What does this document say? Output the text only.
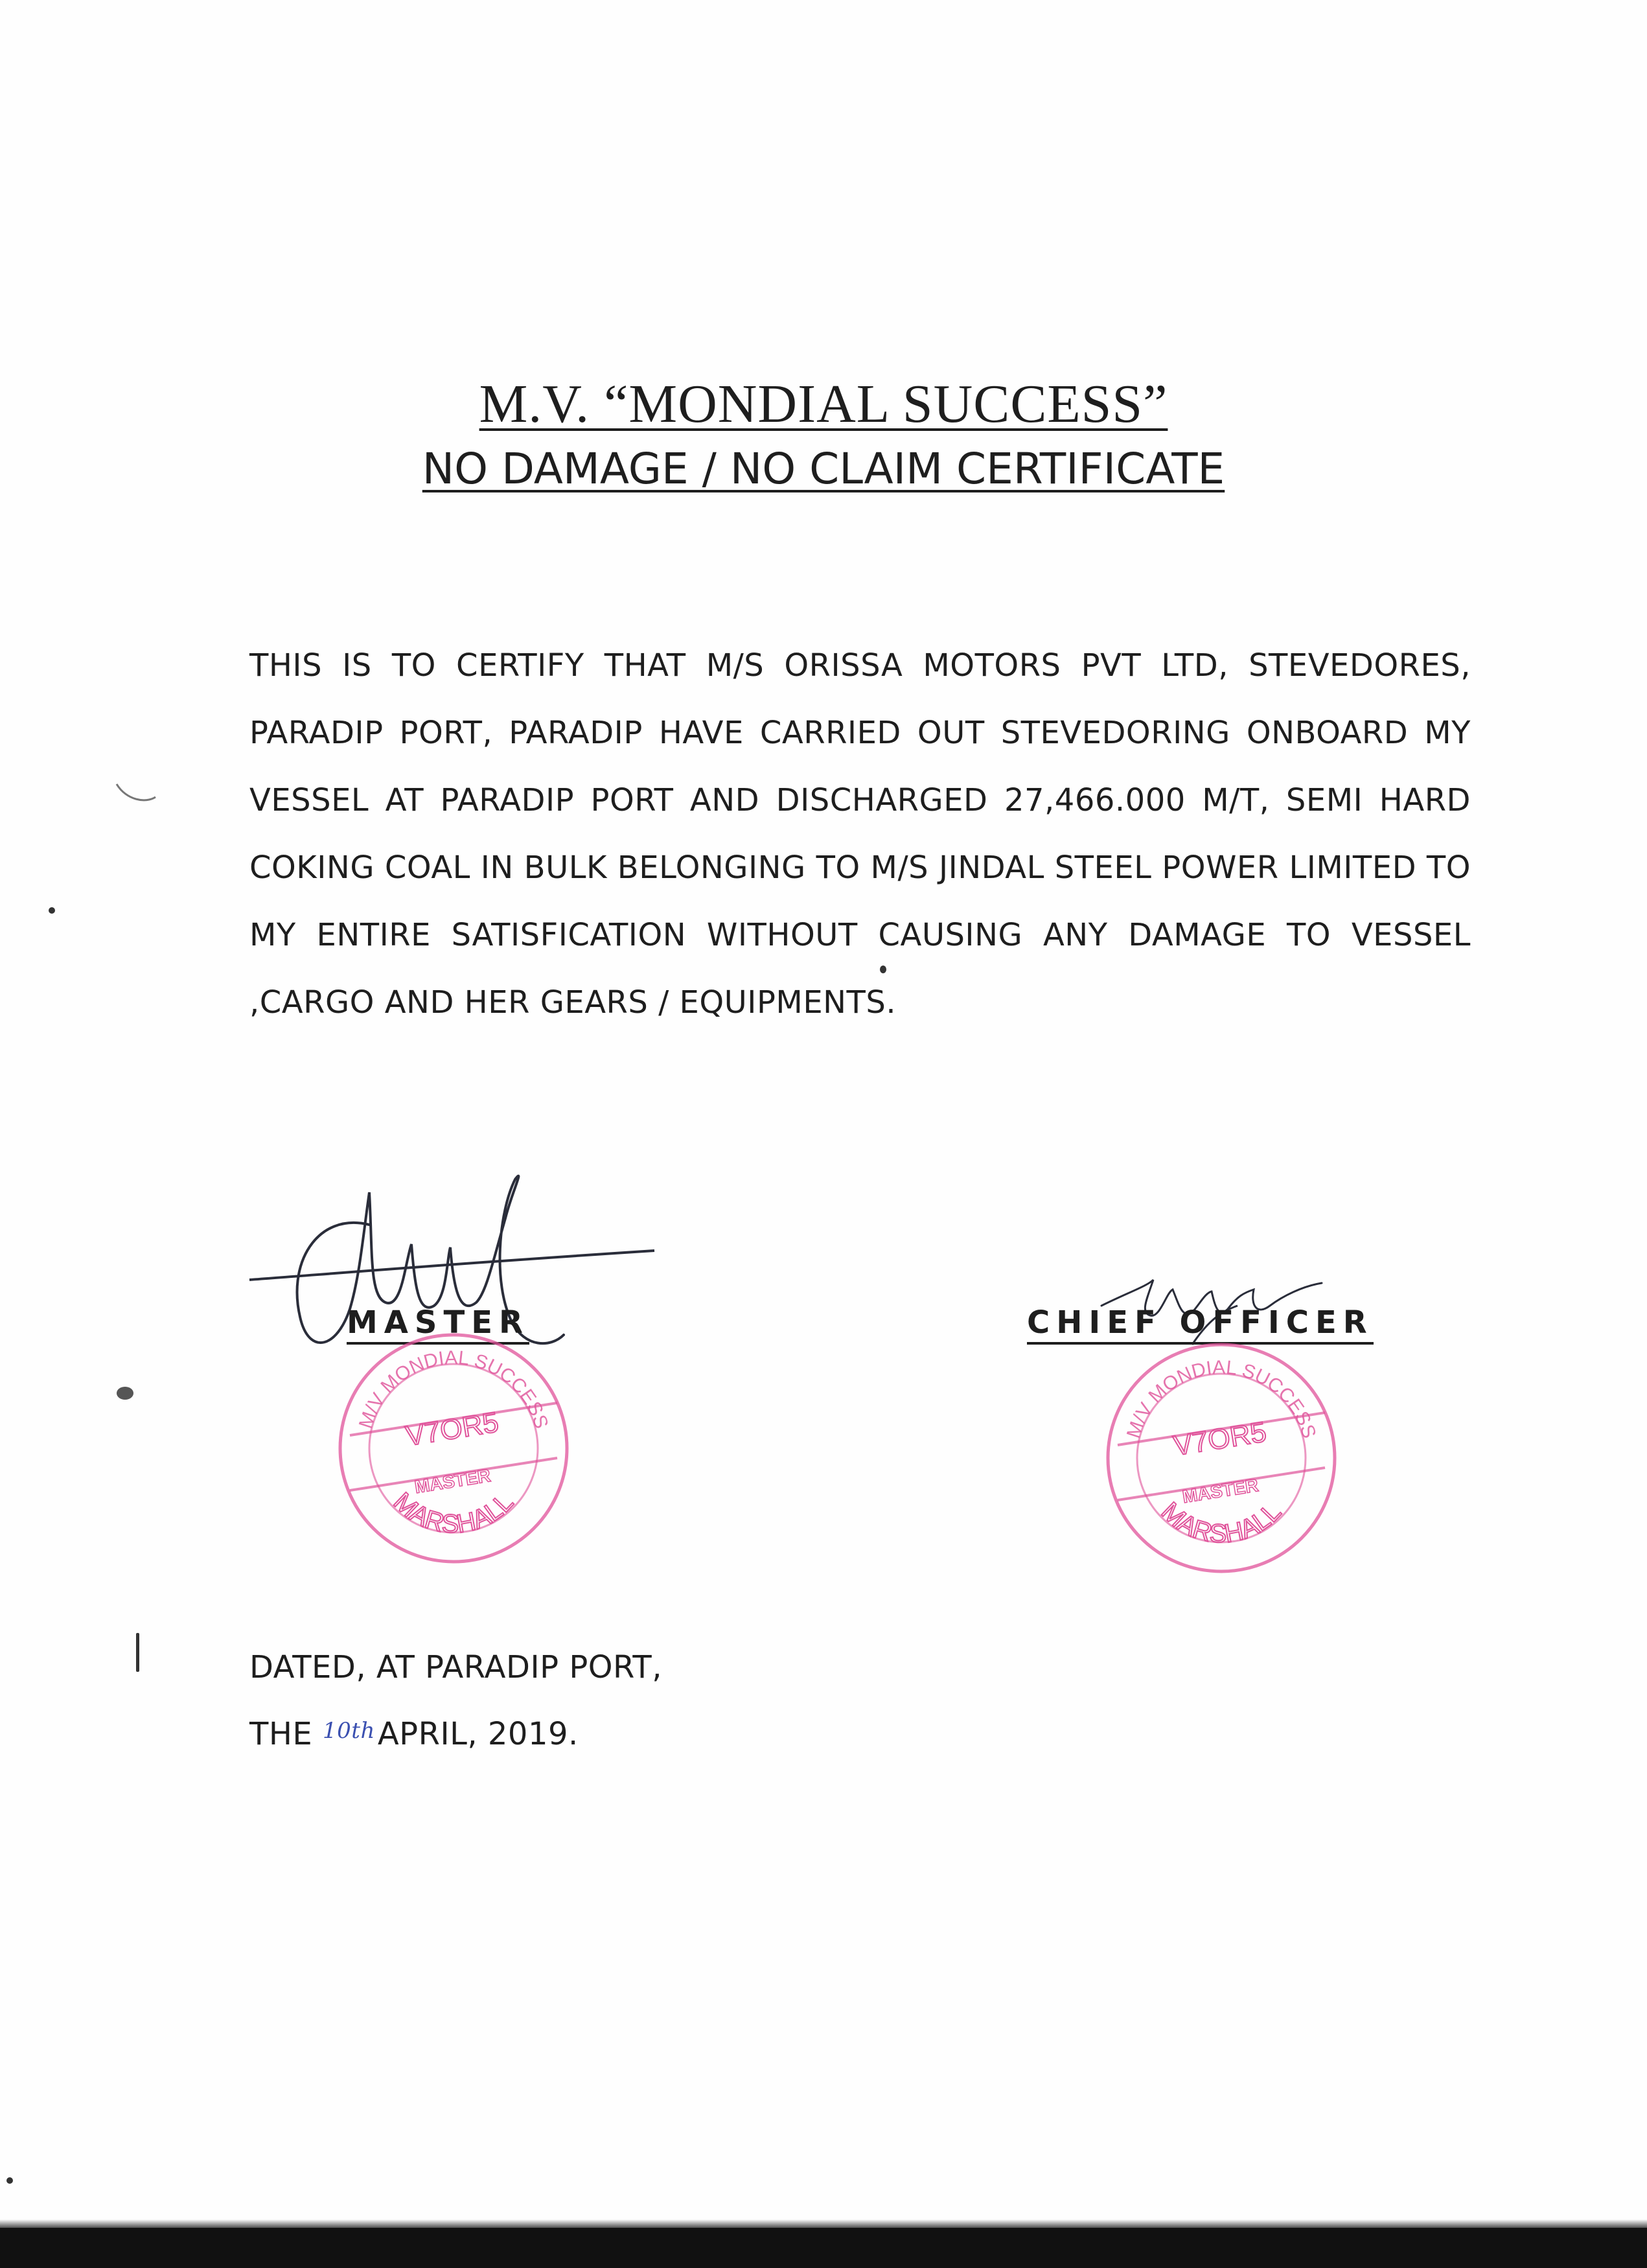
M.V. “MONDIAL SUCCESS”
NO DAMAGE / NO CLAIM CERTIFICATE
THIS IS TO CERTIFY THAT M/S ORISSA MOTORS PVT LTD, STEVEDORES,
PARADIP PORT, PARADIP HAVE CARRIED OUT STEVEDORING ONBOARD MY
VESSEL AT PARADIP PORT AND DISCHARGED 27,466.000 M/T, SEMI HARD
COKING COAL IN BULK BELONGING TO M/S JINDAL STEEL POWER LIMITED TO
MY ENTIRE SATISFICATION WITHOUT CAUSING ANY DAMAGE TO VESSEL
,CARGO AND HER GEARS / EQUIPMENTS.
MASTER	CHIEF OFFICER
M/V MONDIAL SUCCESS
V7OR5
MASTER
MARSHALL
M/V MONDIAL SUCCESS
V7OR5
MASTER
MARSHALL
DATED, AT PARADIP PORT,
THE $^{10th}$APRIL, 2019.
